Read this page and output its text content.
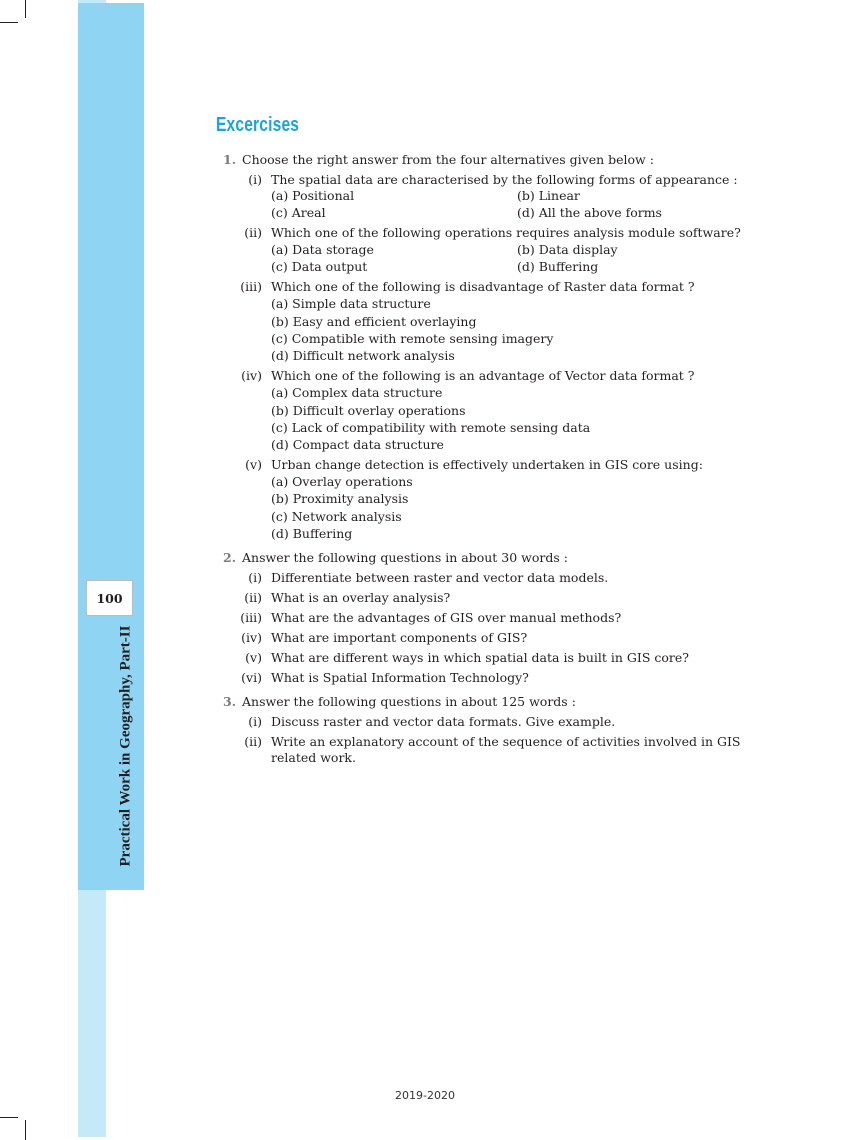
100
Practical Work in Geography, Part-II
Excercises
1. Choose the right answer from the four alternatives given below :
(i) The spatial data are characterised by the following forms of appearance :
(a) Positional	(b) Linear
(c) Areal	(d) All the above forms
(ii) Which one of the following operations requires analysis module software?
(a) Data storage	(b) Data display
(c) Data output	(d) Buffering
(iii) Which one of the following is disadvantage of Raster data format ?
(a) Simple data structure
(b) Easy and efficient overlaying
(c) Compatible with remote sensing imagery
(d) Difficult network analysis
(iv) Which one of the following is an advantage of Vector data format ?
(a) Complex data structure
(b) Difficult overlay operations
(c) Lack of compatibility with remote sensing data
(d) Compact data structure
(v) Urban change detection is effectively undertaken in GIS core using:
(a) Overlay operations
(b) Proximity analysis
(c) Network analysis
(d) Buffering
2. Answer the following questions in about 30 words :
(i) Differentiate between raster and vector data models.
(ii) What is an overlay analysis?
(iii) What are the advantages of GIS over manual methods?
(iv) What are important components of GIS?
(v) What are different ways in which spatial data is built in GIS core?
(vi) What is Spatial Information Technology?
3. Answer the following questions in about 125 words :
(i) Discuss raster and vector data formats. Give example.
(ii) Write an explanatory account of the sequence of activities involved in GIS
related work.
2019-2020
